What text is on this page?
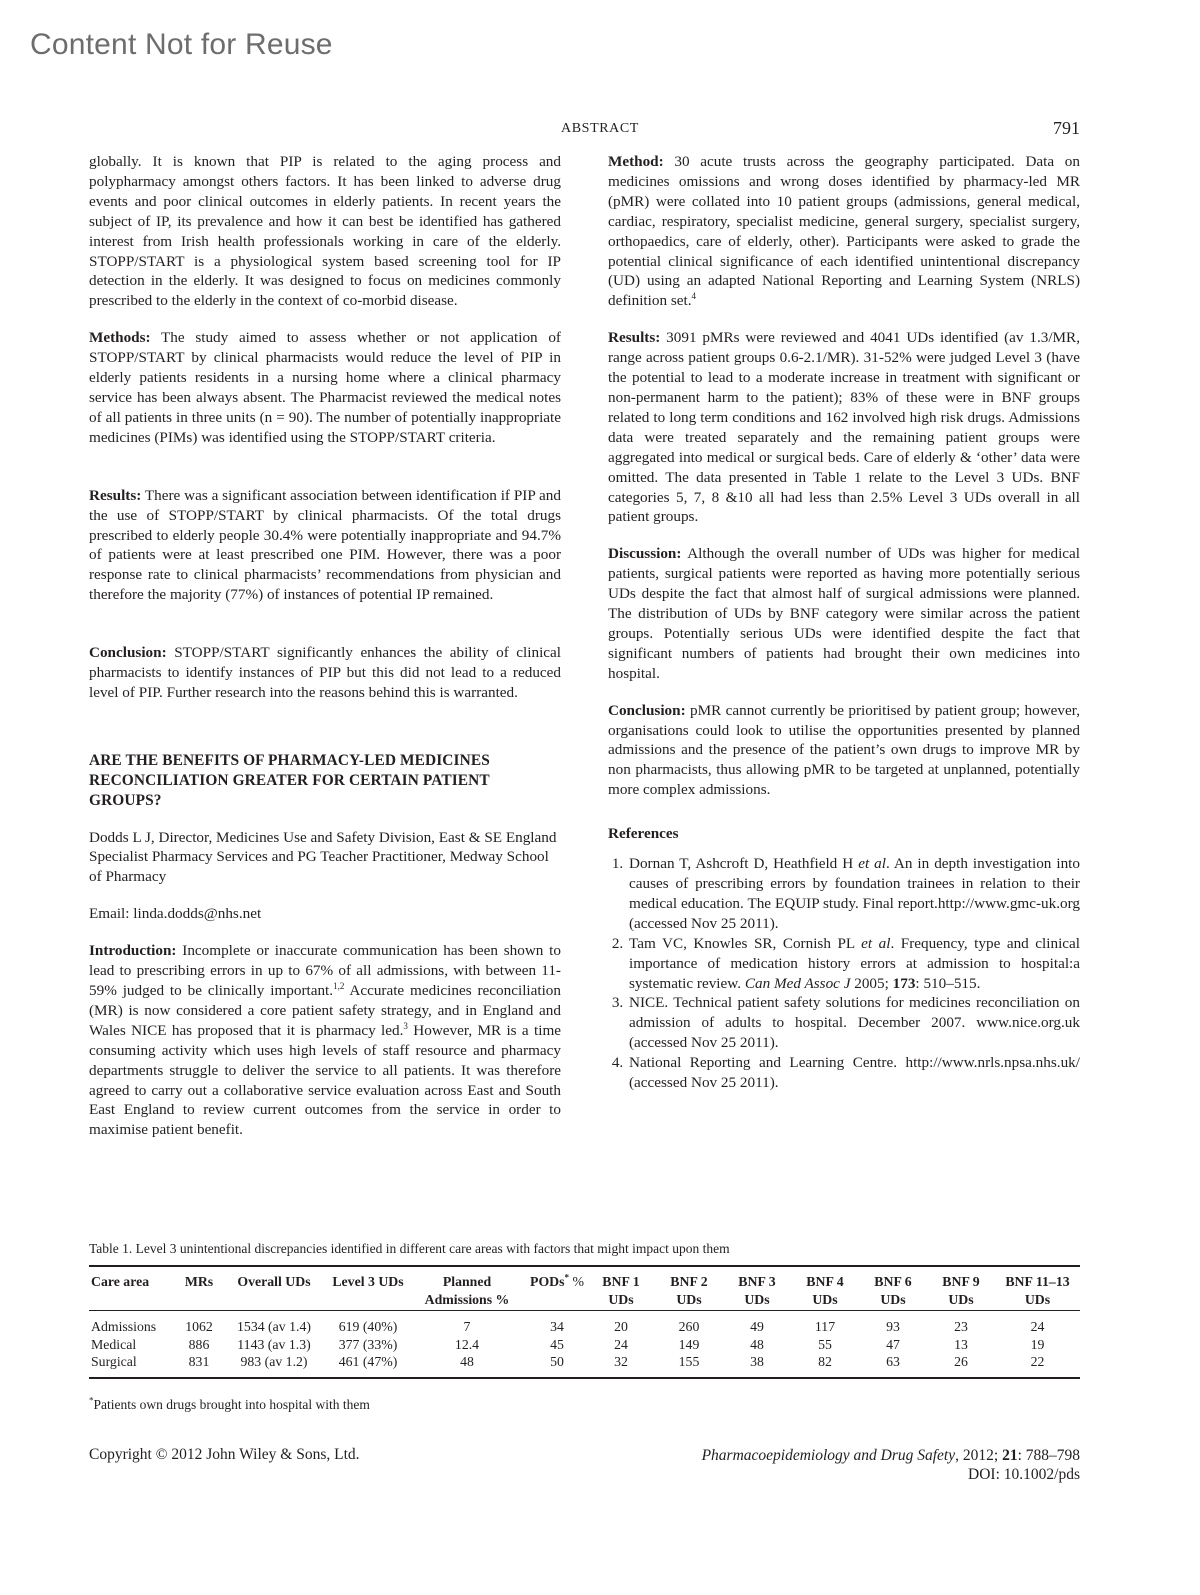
Content Not for Reuse
ABSTRACT	791

globally. It is known that PIP is related to the aging process and polypharmacy amongst others factors. It has been linked to adverse drug events and poor clinical outcomes in elderly patients. In recent years the subject of IP, its prevalence and how it can best be identified has gathered interest from Irish health professionals working in care of the elderly. STOPP/START is a physiological system based screening tool for IP detection in the elderly. It was designed to focus on medicines commonly prescribed to the elderly in the context of co-morbid disease.

Methods: The study aimed to assess whether or not application of STOPP/START by clinical pharmacists would reduce the level of PIP in elderly patients residents in a nursing home where a clinical pharmacy service has been always absent. The Pharmacist reviewed the medical notes of all patients in three units (n = 90). The number of potentially inappropriate medicines (PIMs) was identified using the STOPP/START criteria.

Results: There was a significant association between identification if PIP and the use of STOPP/START by clinical pharmacists. Of the total drugs prescribed to elderly people 30.4% were potentially inappropriate and 94.7% of patients were at least prescribed one PIM. However, there was a poor response rate to clinical pharmacists’ recommendations from physician and therefore the majority (77%) of instances of potential IP remained.

Conclusion: STOPP/START significantly enhances the ability of clinical pharmacists to identify instances of PIP but this did not lead to a reduced level of PIP. Further research into the reasons behind this is warranted.

ARE THE BENEFITS OF PHARMACY-LED MEDICINES RECONCILIATION GREATER FOR CERTAIN PATIENT GROUPS?

Dodds L J, Director, Medicines Use and Safety Division, East & SE England Specialist Pharmacy Services and PG Teacher Practitioner, Medway School of Pharmacy

Email: linda.dodds@nhs.net

Introduction: Incomplete or inaccurate communication has been shown to lead to prescribing errors in up to 67% of all admissions, with between 11-59% judged to be clinically important.$^{1,2}$ Accurate medicines reconciliation (MR) is now considered a core patient safety strategy, and in England and Wales NICE has proposed that it is pharmacy led.$^3$ However, MR is a time consuming activity which uses high levels of staff resource and pharmacy departments struggle to deliver the service to all patients. It was therefore agreed to carry out a collaborative service evaluation across East and South East England to review current outcomes from the service in order to maximise patient benefit.

Method: 30 acute trusts across the geography participated. Data on medicines omissions and wrong doses identified by pharmacy-led MR (pMR) were collated into 10 patient groups (admissions, general medical, cardiac, respiratory, specialist medicine, general surgery, specialist surgery, orthopaedics, care of elderly, other). Participants were asked to grade the potential clinical significance of each identified unintentional discrepancy (UD) using an adapted National Reporting and Learning System (NRLS) definition set.$^4$

Results: 3091 pMRs were reviewed and 4041 UDs identified (av 1.3/MR, range across patient groups 0.6-2.1/MR). 31-52% were judged Level 3 (have the potential to lead to a moderate increase in treatment with significant or non-permanent harm to the patient); 83% of these were in BNF groups related to long term conditions and 162 involved high risk drugs. Admissions data were treated separately and the remaining patient groups were aggregated into medical or surgical beds. Care of elderly & ‘other’ data were omitted. The data presented in Table 1 relate to the Level 3 UDs. BNF categories 5, 7, 8 &10 all had less than 2.5% Level 3 UDs overall in all patient groups.

Discussion: Although the overall number of UDs was higher for medical patients, surgical patients were reported as having more potentially serious UDs despite the fact that almost half of surgical admissions were planned. The distribution of UDs by BNF category were similar across the patient groups. Potentially serious UDs were identified despite the fact that significant numbers of patients had brought their own medicines into hospital.

Conclusion: pMR cannot currently be prioritised by patient group; however, organisations could look to utilise the opportunities presented by planned admissions and the presence of the patient’s own drugs to improve MR by non pharmacists, thus allowing pMR to be targeted at unplanned, potentially more complex admissions.

References

1. Dornan T, Ashcroft D, Heathfield H et al. An in depth investigation into causes of prescribing errors by foundation trainees in relation to their medical education. The EQUIP study. Final report.http://www.gmc-uk.org (accessed Nov 25 2011).
2. Tam VC, Knowles SR, Cornish PL et al. Frequency, type and clinical importance of medication history errors at admission to hospital:a systematic review. Can Med Assoc J 2005; 173: 510–515.
3. NICE. Technical patient safety solutions for medicines reconciliation on admission of adults to hospital. December 2007. www.nice.org.uk (accessed Nov 25 2011).
4. National Reporting and Learning Centre. http://www.nrls.npsa.nhs.uk/ (accessed Nov 25 2011).
Table 1. Level 3 unintentional discrepancies identified in different care areas with factors that might impact upon them
Care area	MRs	Overall UDs	Level 3 UDs	Planned Admissions %	PODs* %	BNF 1 UDs	BNF 2 UDs	BNF 3 UDs	BNF 4 UDs	BNF 6 UDs	BNF 9 UDs	BNF 11–13 UDs
Admissions	1062	1534 (av 1.4)	619 (40%)	7	34	20	260	49	117	93	23	24
Medical	886	1143 (av 1.3)	377 (33%)	12.4	45	24	149	48	55	47	13	19
Surgical	831	983 (av 1.2)	461 (47%)	48	50	32	155	38	82	63	26	22
*Patients own drugs brought into hospital with them
Copyright © 2012 John Wiley & Sons, Ltd.	Pharmacoepidemiology and Drug Safety, 2012; 21: 788–798
DOI: 10.1002/pds
